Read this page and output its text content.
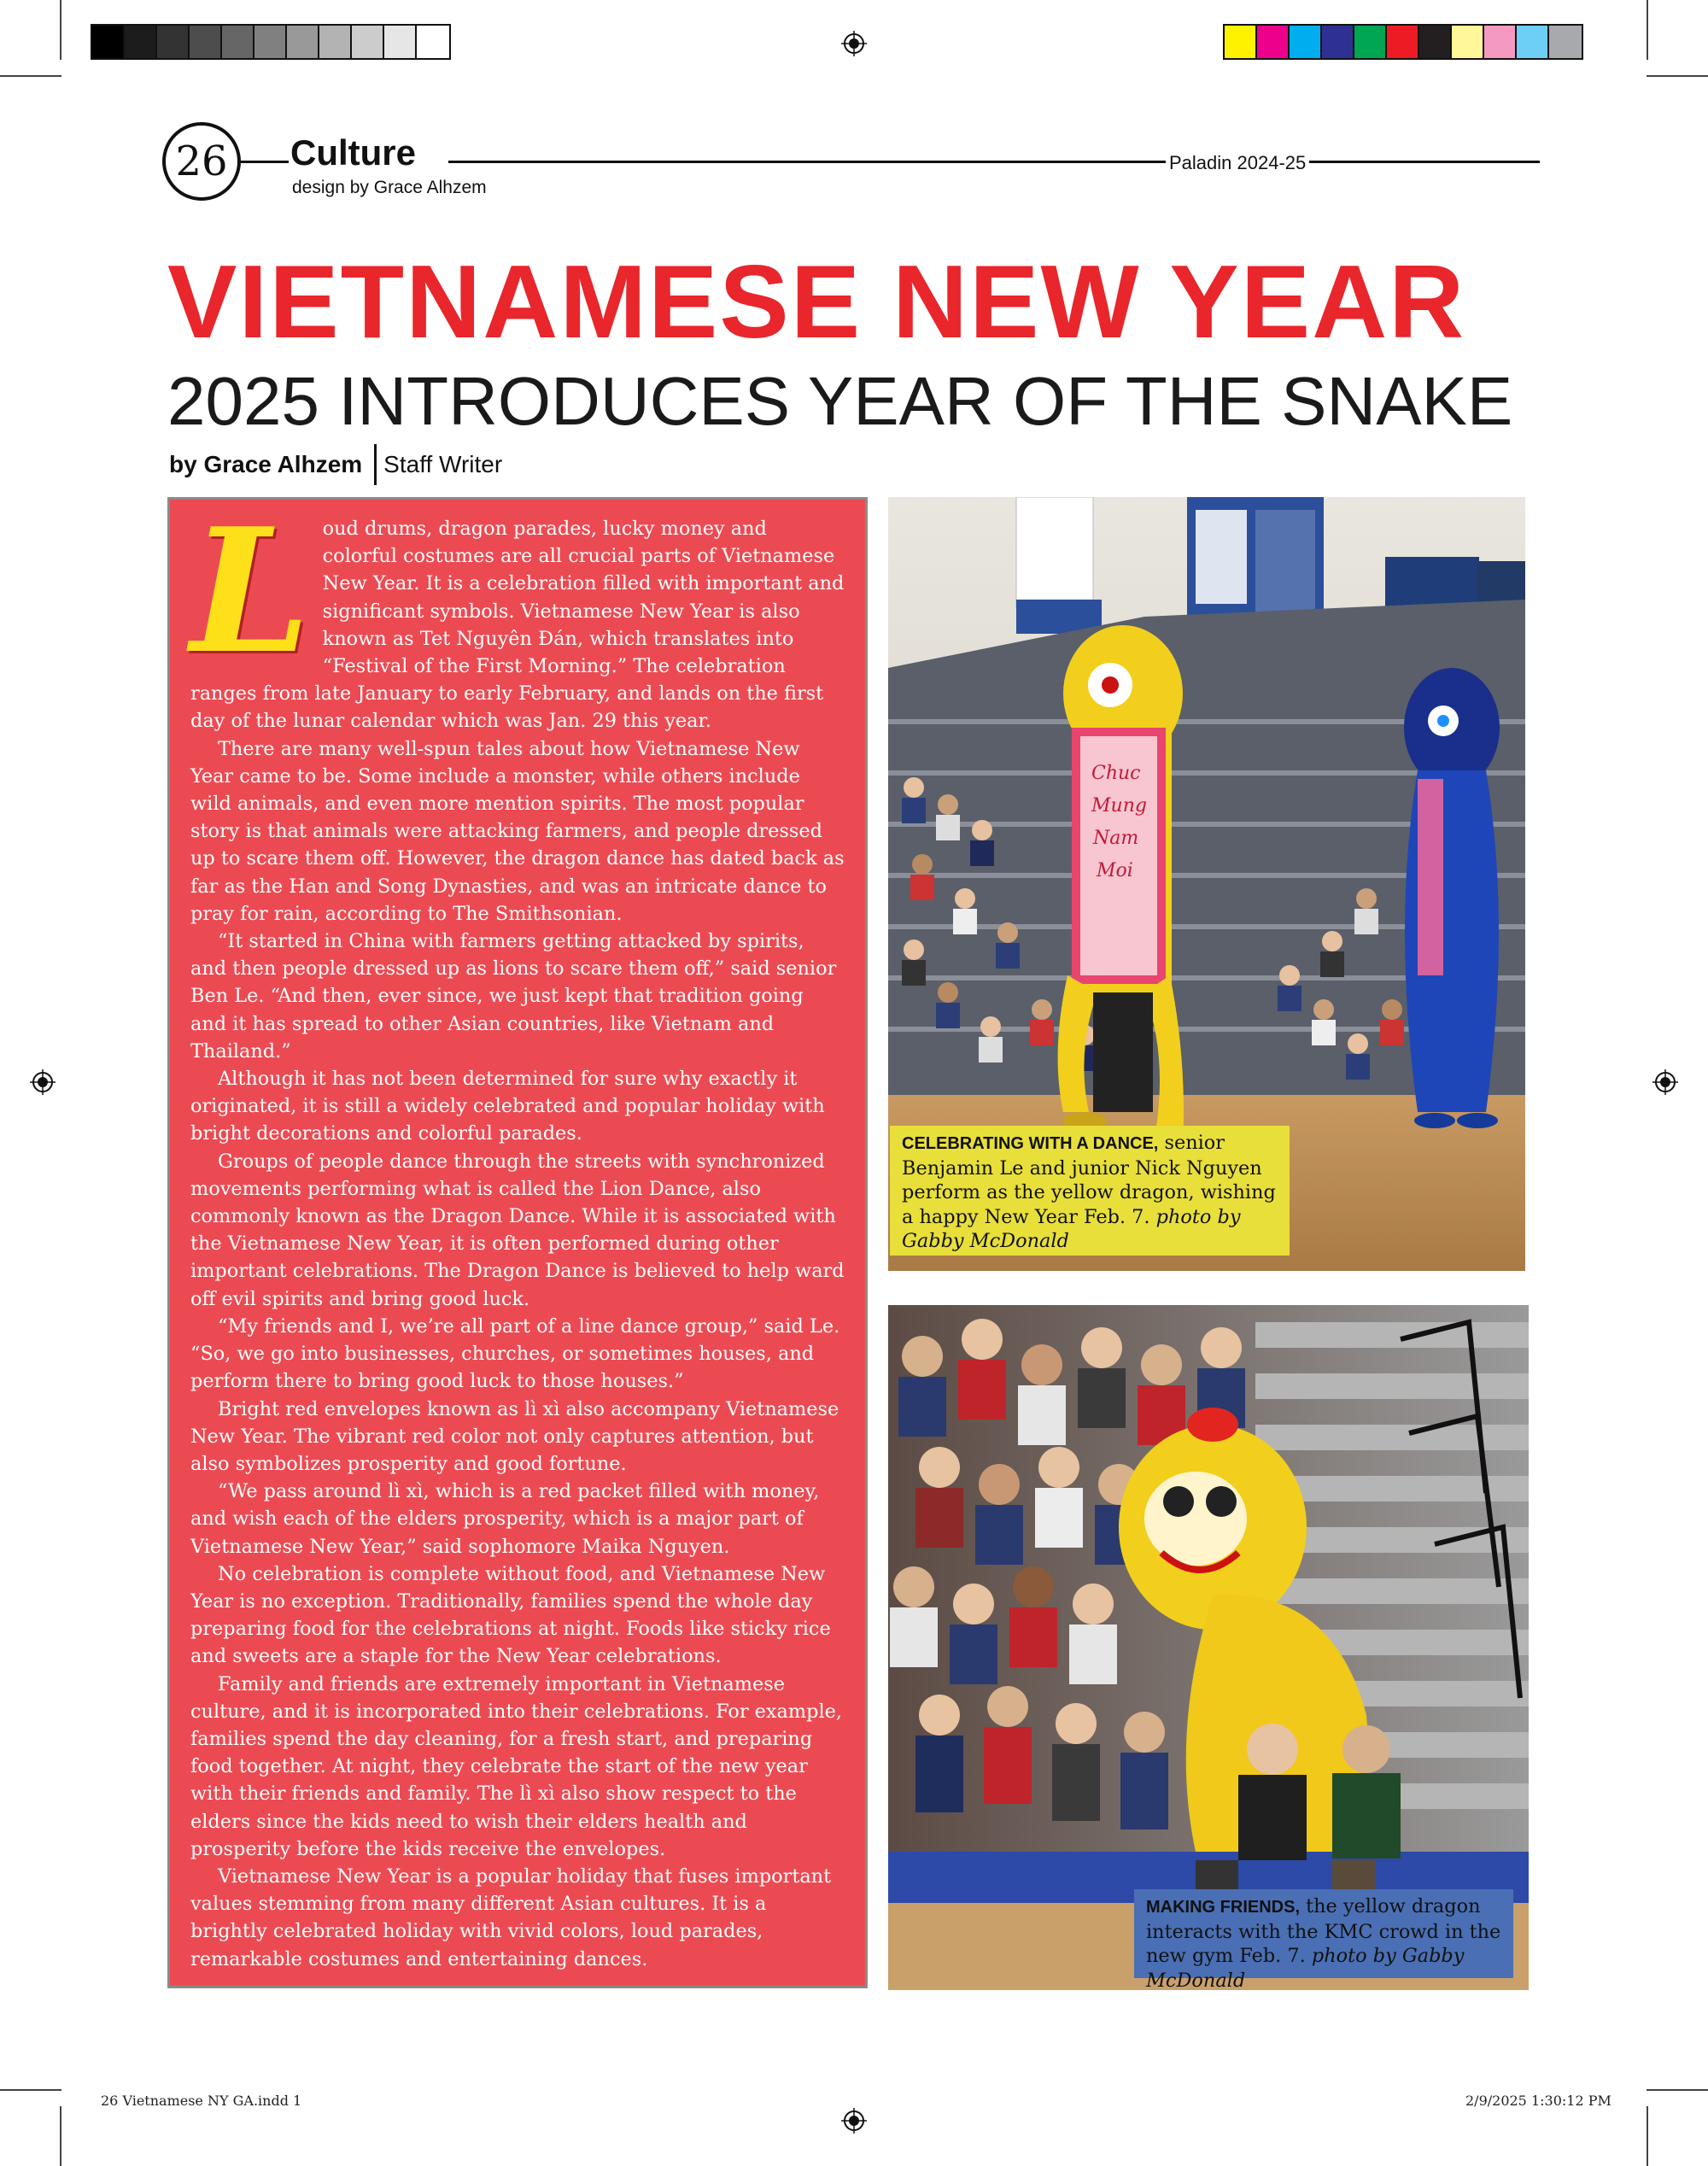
26	Culture
design by Grace Alhzem
Paladin 2024-25
VIETNAMESE NEW YEAR
2025 INTRODUCES YEAR OF THE SNAKE
by Grace Alhzem Staff Writer

Loud drums, dragon parades, lucky money and colorful costumes are all crucial parts of Vietnamese New Year. It is a celebration filled with important and significant symbols. Vietnamese New Year is also known as Tet Nguyên Đán, which translates into “Festival of the First Morning.” The celebration ranges from late January to early February, and lands on the first day of the lunar calendar which was Jan. 29 this year.

There are many well-spun tales about how Vietnamese New Year came to be. Some include a monster, while others include wild animals, and even more mention spirits. The most popular story is that animals were attacking farmers, and people dressed up to scare them off. However, the dragon dance has dated back as far as the Han and Song Dynasties, and was an intricate dance to pray for rain, according to The Smithsonian.

“It started in China with farmers getting attacked by spirits, and then people dressed up as lions to scare them off,” said senior Ben Le. “And then, ever since, we just kept that tradition going and it has spread to other Asian countries, like Vietnam and Thailand.”

Although it has not been determined for sure why exactly it originated, it is still a widely celebrated and popular holiday with bright decorations and colorful parades.

Groups of people dance through the streets with synchronized movements performing what is called the Lion Dance, also commonly known as the Dragon Dance. While it is associated with the Vietnamese New Year, it is often performed during other important celebrations. The Dragon Dance is believed to help ward off evil spirits and bring good luck.

“My friends and I, we’re all part of a line dance group,” said Le. “So, we go into businesses, churches, or sometimes houses, and perform there to bring good luck to those houses.”

Bright red envelopes known as lì xì also accompany Vietnamese New Year. The vibrant red color not only captures attention, but also symbolizes prosperity and good fortune.

“We pass around lì xì, which is a red packet filled with money, and wish each of the elders prosperity, which is a major part of Vietnamese New Year,” said sophomore Maika Nguyen.

No celebration is complete without food, and Vietnamese New Year is no exception. Traditionally, families spend the whole day preparing food for the celebrations at night. Foods like sticky rice and sweets are a staple for the New Year celebrations.

Family and friends are extremely important in Vietnamese culture, and it is incorporated into their celebrations. For example, families spend the day cleaning, for a fresh start, and preparing food together. At night, they celebrate the start of the new year with their friends and family. The lì xì also show respect to the elders since the kids need to wish their elders health and prosperity before the kids receive the envelopes.

Vietnamese New Year is a popular holiday that fuses important values stemming from many different Asian cultures. It is a brightly celebrated holiday with vivid colors, loud parades, remarkable costumes and entertaining dances.

Chuc
Mung
Nam
Moi
CELEBRATING WITH A DANCE, senior Benjamin Le and junior Nick Nguyen perform as the yellow dragon, wishing a happy New Year Feb. 7. photo by Gabby McDonald
MAKING FRIENDS, the yellow dragon interacts with the KMC crowd in the new gym Feb. 7. photo by Gabby McDonald
26 Vietnamese NY GA.indd 1	2/9/2025 1:30:12 PM
